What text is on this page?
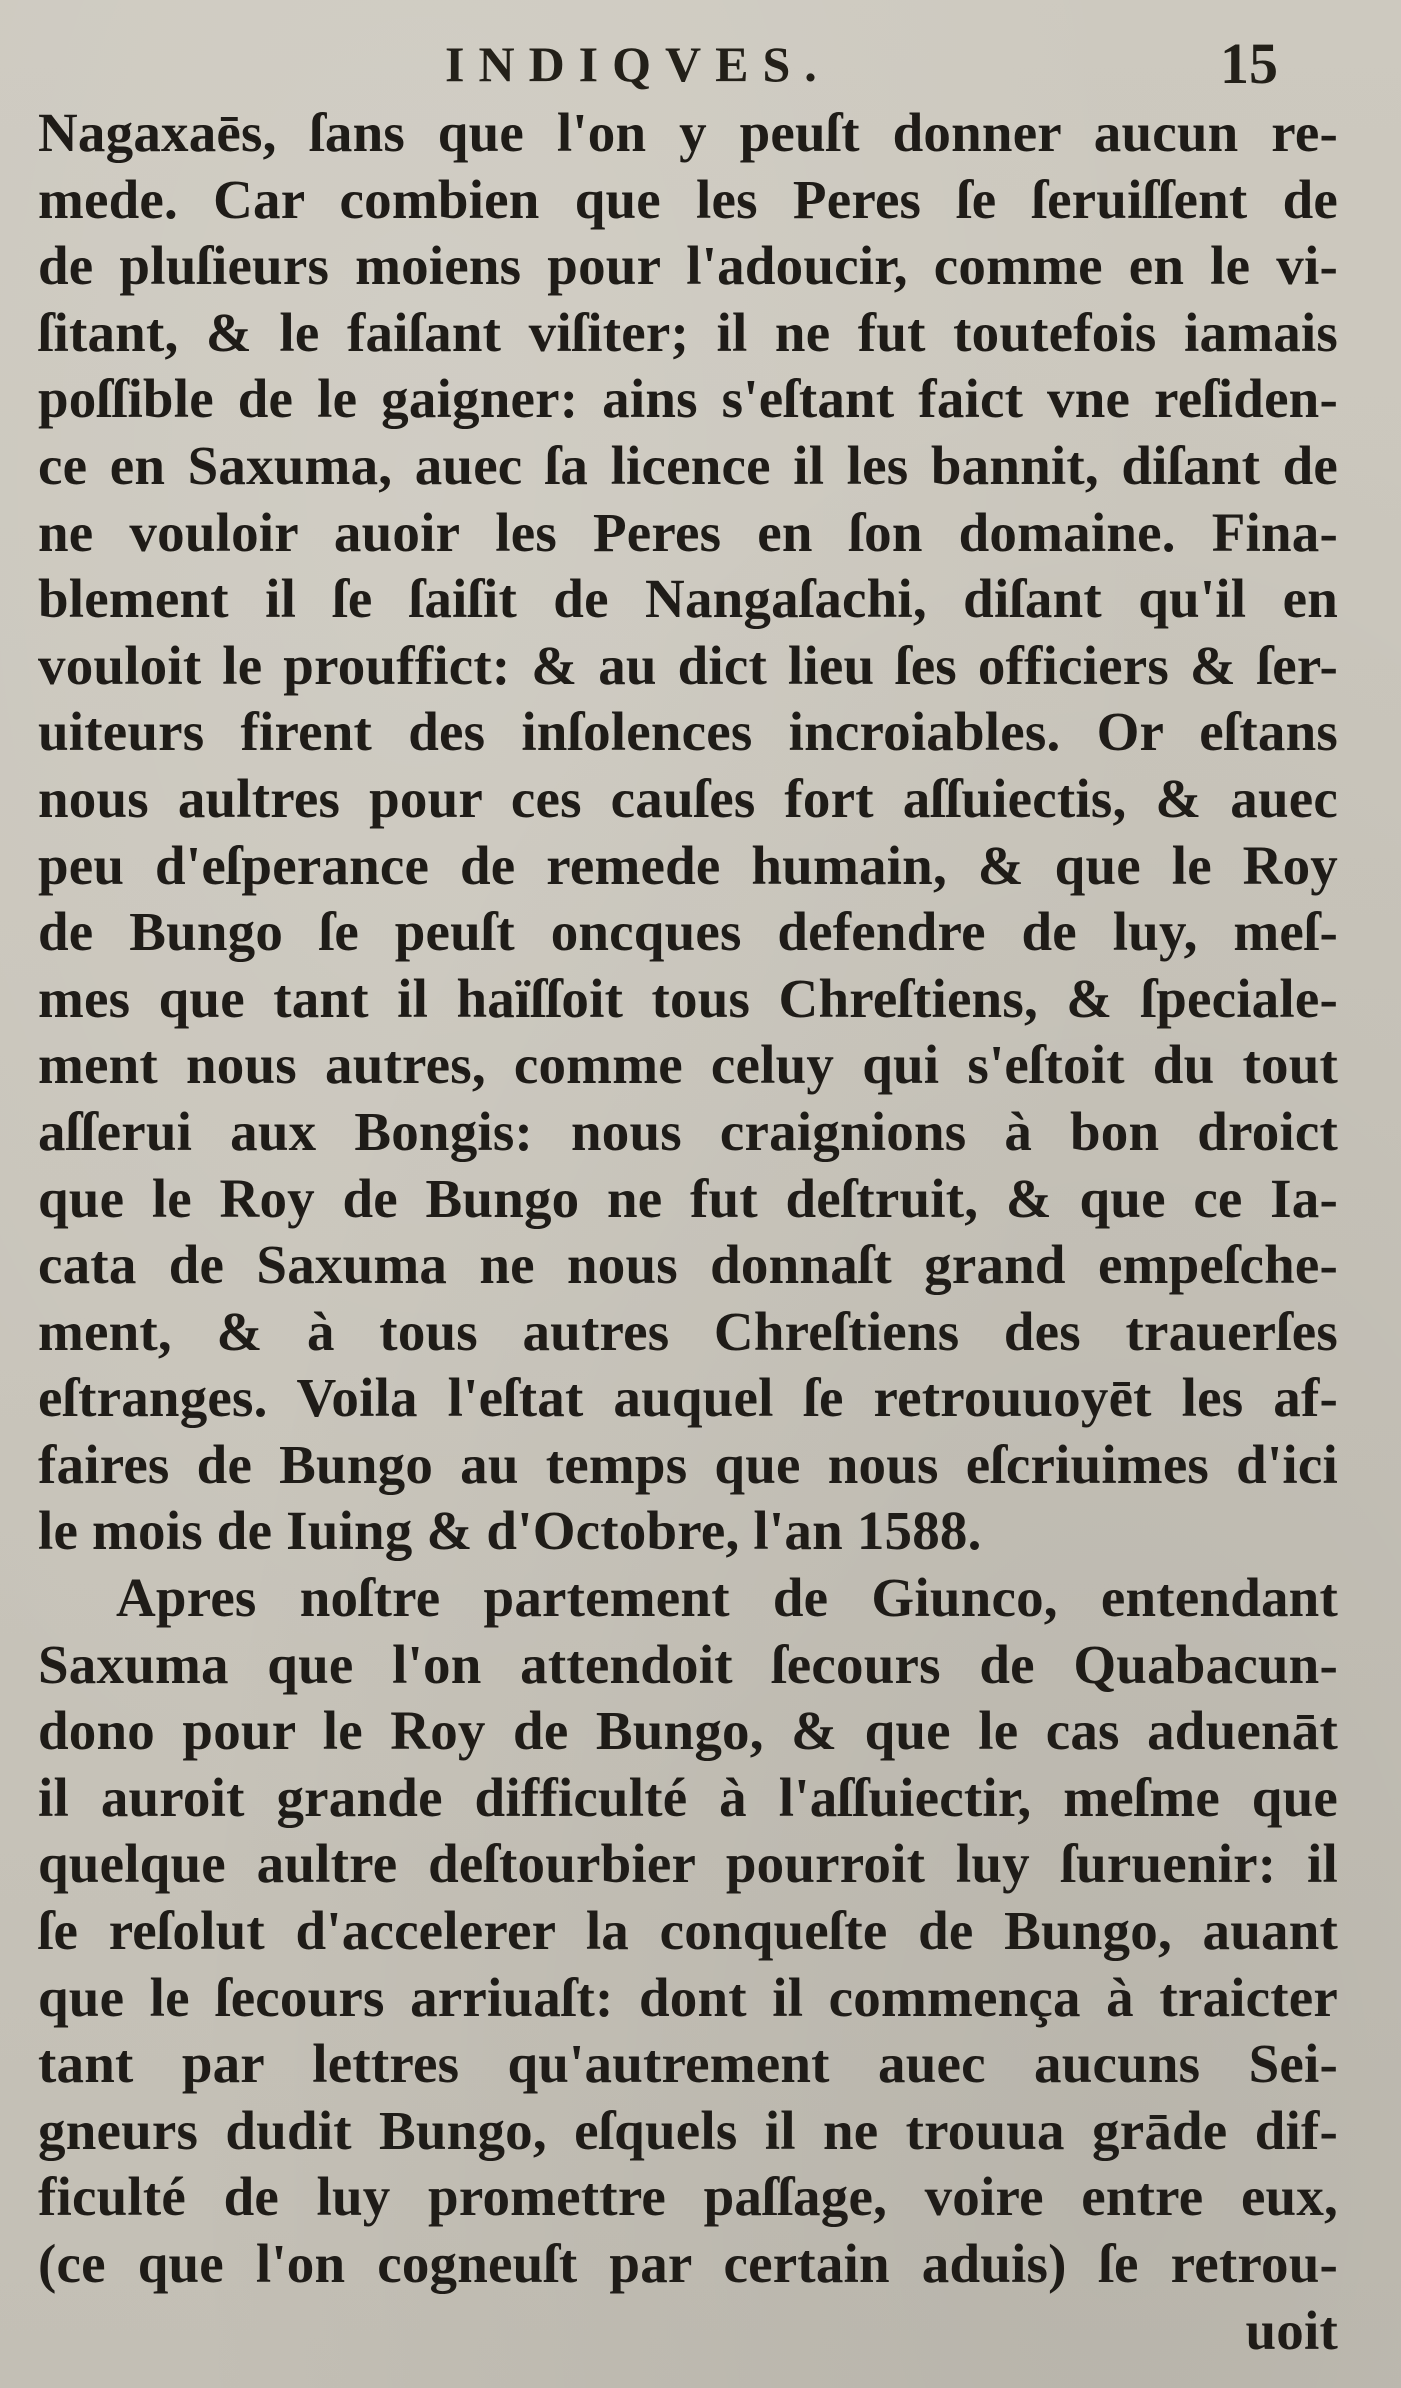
INDIQVES.	15
Nagaxaēs, ſans que l'on y peuſt donner aucun re-
mede. Car combien que les Peres ſe ſeruiſſent de
de pluſieurs moiens pour l'adoucir, comme en le vi-
ſitant, & le faiſant viſiter; il ne fut toutefois iamais
poſſible de le gaigner: ains s'eſtant faict vne reſiden-
ce en Saxuma, auec ſa licence il les bannit, diſant de
ne vouloir auoir les Peres en ſon domaine. Fina-
blement il ſe ſaiſit de Nangaſachi, diſant qu'il en
vouloit le prouffict: & au dict lieu ſes officiers & ſer-
uiteurs firent des inſolences incroiables. Or eſtans
nous aultres pour ces cauſes fort aſſuiectis, & auec
peu d'eſperance de remede humain, & que le Roy
de Bungo ſe peuſt oncques defendre de luy, meſ-
mes que tant il haïſſoit tous Chreſtiens, & ſpeciale-
ment nous autres, comme celuy qui s'eſtoit du tout
aſſerui aux Bongis: nous craignions à bon droict
que le Roy de Bungo ne fut deſtruit, & que ce Ia-
cata de Saxuma ne nous donnaſt grand empeſche-
ment, & à tous autres Chreſtiens des trauerſes
eſtranges. Voila l'eſtat auquel ſe retrouuoyēt les af-
faires de Bungo au temps que nous eſcriuimes d'ici
le mois de Iuing & d'Octobre, l'an 1588.
Apres noſtre partement de Giunco, entendant
Saxuma que l'on attendoit ſecours de Quabacun-
dono pour le Roy de Bungo, & que le cas aduenāt
il auroit grande difficulté à l'aſſuiectir, meſme que
quelque aultre deſtourbier pourroit luy ſuruenir: il
ſe reſolut d'accelerer la conqueſte de Bungo, auant
que le ſecours arriuaſt: dont il commença à traicter
tant par lettres qu'autrement auec aucuns Sei-
gneurs dudit Bungo, eſquels il ne trouua grāde dif-
ficulté de luy promettre paſſage, voire entre eux,
(ce que l'on cogneuſt par certain aduis) ſe retrou-
uoit
